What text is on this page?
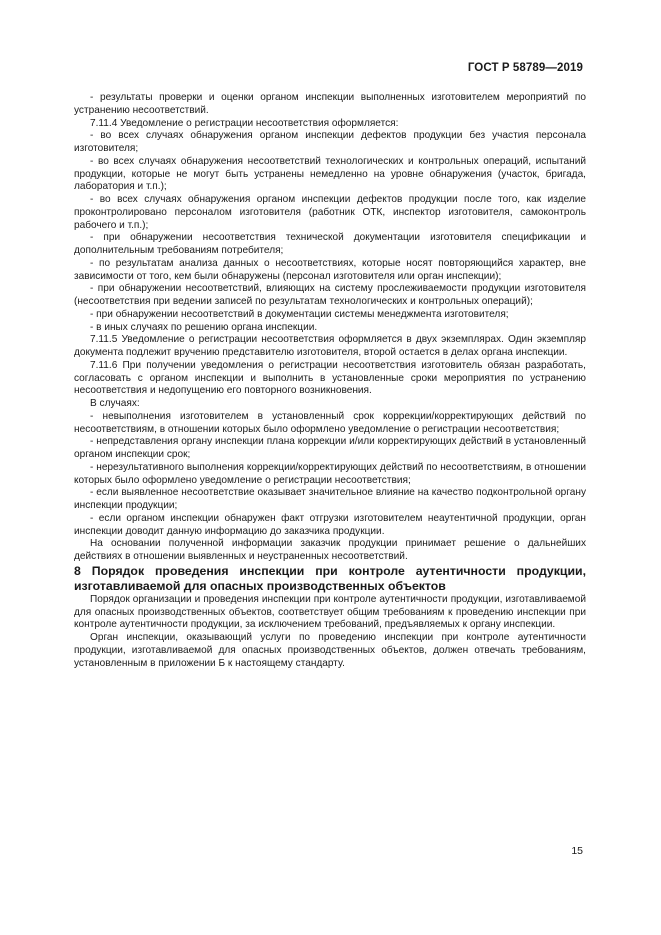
ГОСТ Р 58789—2019

- результаты проверки и оценки органом инспекции выполненных изготовителем мероприятий по устранению несоответствий.

7.11.4 Уведомление о регистрации несоответствия оформляется:

- во всех случаях обнаружения органом инспекции дефектов продукции без участия персонала изготовителя;

- во всех случаях обнаружения несоответствий технологических и контрольных операций, испытаний продукции, которые не могут быть устранены немедленно на уровне обнаружения (участок, бригада, лаборатория и т.п.);

- во всех случаях обнаружения органом инспекции дефектов продукции после того, как изделие проконтролировано персоналом изготовителя (работник ОТК, инспектор изготовителя, самоконтроль рабочего и т.п.);

- при обнаружении несоответствия технической документации изготовителя спецификации и дополнительным требованиям потребителя;

- по результатам анализа данных о несоответствиях, которые носят повторяющийся характер, вне зависимости от того, кем были обнаружены (персонал изготовителя или орган инспекции);

- при обнаружении несоответствий, влияющих на систему прослеживаемости продукции изготовителя (несоответствия при ведении записей по результатам технологических и контрольных операций);

- при обнаружении несоответствий в документации системы менеджмента изготовителя;

- в иных случаях по решению органа инспекции.

7.11.5 Уведомление о регистрации несоответствия оформляется в двух экземплярах. Один экземпляр документа подлежит вручению представителю изготовителя, второй остается в делах органа инспекции.

7.11.6 При получении уведомления о регистрации несоответствия изготовитель обязан разработать, согласовать с органом инспекции и выполнить в установленные сроки мероприятия по устранению несоответствия и недопущению его повторного возникновения.

В случаях:

- невыполнения изготовителем в установленный срок коррекции/корректирующих действий по несоответствиям, в отношении которых было оформлено уведомление о регистрации несоответствия;

- непредставления органу инспекции плана коррекции и/или корректирующих действий в установленный органом инспекции срок;

- нерезультативного выполнения коррекции/корректирующих действий по несоответствиям, в отношении которых было оформлено уведомление о регистрации несоответствия;

- если выявленное несоответствие оказывает значительное влияние на качество подконтрольной органу инспекции продукции;

- если органом инспекции обнаружен факт отгрузки изготовителем неаутентичной продукции, орган инспекции доводит данную информацию до заказчика продукции.

На основании полученной информации заказчик продукции принимает решение о дальнейших действиях в отношении выявленных и неустраненных несоответствий.

8 Порядок проведения инспекции при контроле аутентичности продукции, изготавливаемой для опасных производственных объектов

Порядок организации и проведения инспекции при контроле аутентичности продукции, изготавливаемой для опасных производственных объектов, соответствует общим требованиям к проведению инспекции при контроле аутентичности продукции, за исключением требований, предъявляемых к органу инспекции.

Орган инспекции, оказывающий услуги по проведению инспекции при контроле аутентичности продукции, изготавливаемой для опасных производственных объектов, должен отвечать требованиям, установленным в приложении Б к настоящему стандарту.

15
